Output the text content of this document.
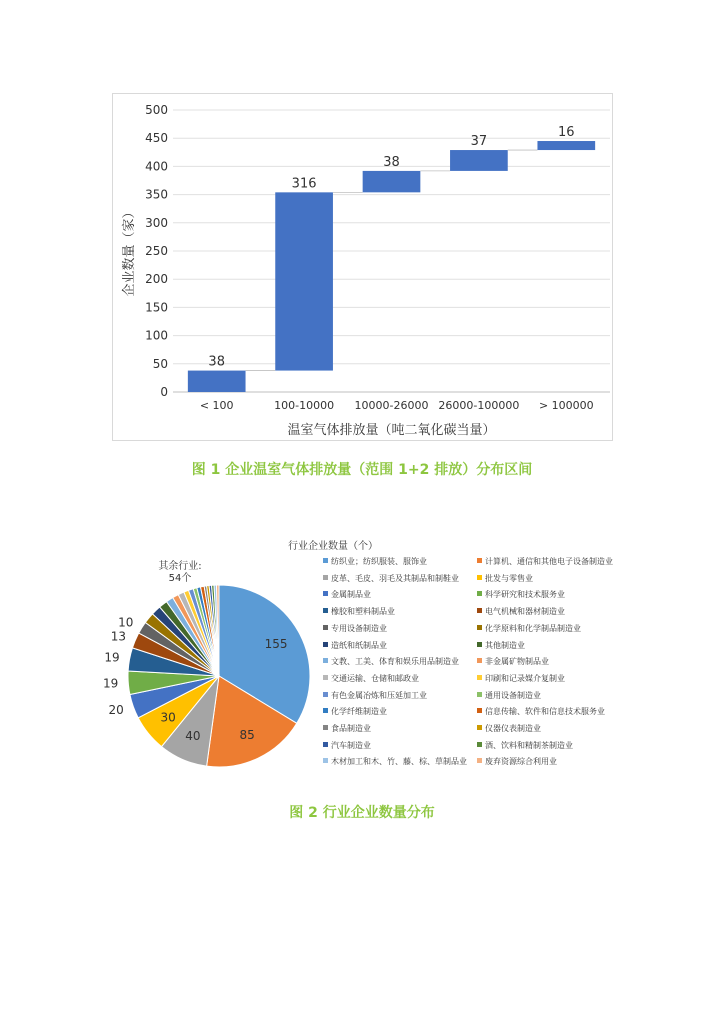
0
50
100
150
200
250
300
350
400
450
500
38
< 100
316
100-10000
38
10000-26000
37
26000-100000
16
> 100000
温室气体排放量（吨二氧化碳当量）
企业数量（家）
图 1 企业温室气体排放量（范围 1+2 排放）分布区间
行业企业数量（个）
155
85
40
30
20
19
19
13
10
其余行业:
54个
纺织业；纺织服装、服饰业	计算机、通信和其他电子设备制造业
皮革、毛皮、羽毛及其制品和制鞋业	批发与零售业
金属制品业	科学研究和技术服务业
橡胶和塑料制品业	电气机械和器材制造业
专用设备制造业	化学原料和化学制品制造业
造纸和纸制品业	其他制造业
文教、工美、体育和娱乐用品制造业	非金属矿物制品业
交通运输、仓储和邮政业	印刷和记录媒介复制业
有色金属冶炼和压延加工业	通用设备制造业
化学纤维制造业	信息传输、软件和信息技术服务业
食品制造业	仪器仪表制造业
汽车制造业	酒、饮料和精制茶制造业
木材加工和木、竹、藤、棕、草制品业	废弃资源综合利用业
图 2 行业企业数量分布
